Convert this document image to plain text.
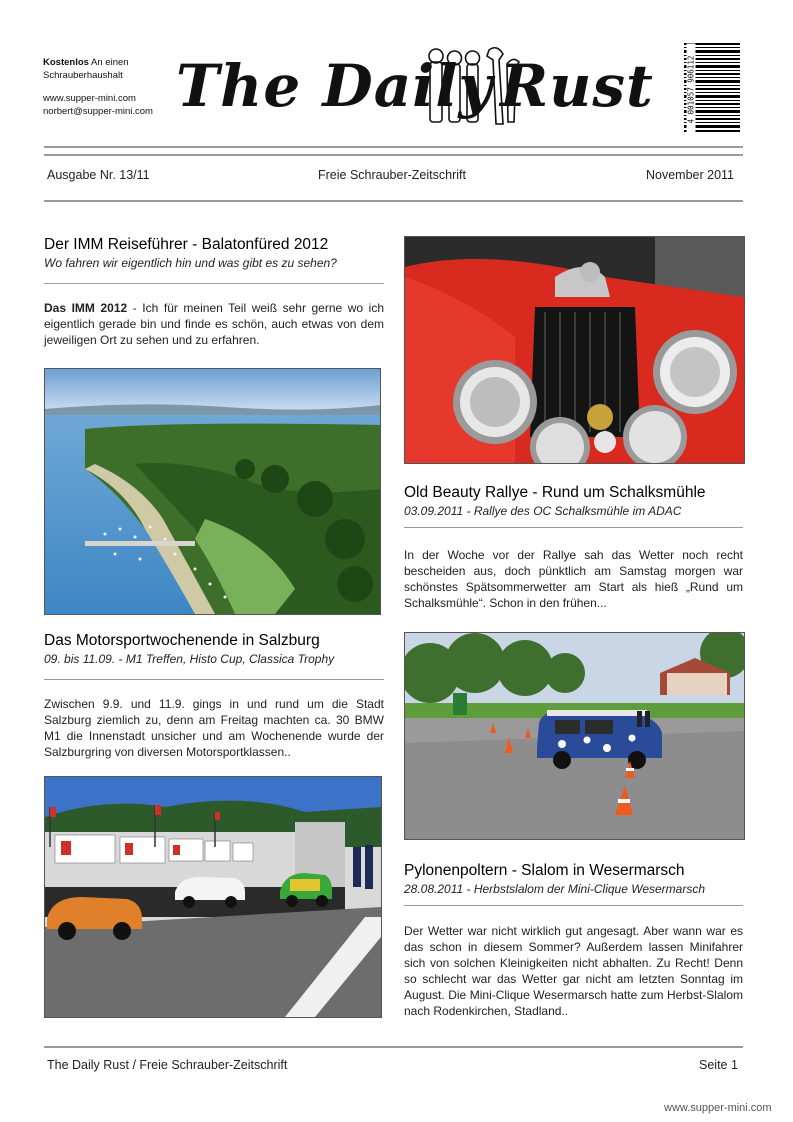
Kostenlos An einen
Schrauberhaushalt
www.supper-mini.com
norbert@supper-mini.com The Daily Rust	4 001057 906112
Ausgabe Nr. 13/11	Freie Schrauber-Zeitschrift	November 2011
Der IMM Reiseführer - Balatonfüred 2012
Wo fahren wir eigentlich hin und was gibt es zu sehen?
Das IMM 2012 - Ich für meinen Teil weiß sehr gerne wo ich eigentlich gerade bin und finde es schön, auch etwas von dem jeweiligen Ort zu sehen und zu erfahren.
Das Motorsportwochenende in Salzburg
09. bis 11.09. - M1 Treffen, Histo Cup, Classica Trophy
Zwischen 9.9. und 11.9. gings in und rund um die Stadt Salzburg ziemlich zu, denn am Freitag machten ca. 30 BMW M1 die Innenstadt unsicher und am Wochenende wurde der Salzburgring von diversen Motorsportklassen..
Old Beauty Rallye - Rund um Schalksmühle
03.09.2011 - Rallye des OC Schalksmühle im ADAC
In der Woche vor der Rallye sah das Wetter noch recht bescheiden aus, doch pünktlich am Samstag morgen war schönstes Spätsommerwetter am Start als hieß „Rund um Schalksmühle“. Schon in den frühen...
Pylonenpoltern - Slalom in Wesermarsch
28.08.2011 - Herbstslalom der Mini-Clique Wesermarsch
Der Wetter war nicht wirklich gut angesagt. Aber wann war es das schon in diesem Sommer? Außerdem lassen Minifahrer sich von solchen Kleinigkeiten nicht abhalten. Zu Recht! Denn so schlecht war das Wetter gar nicht am letzten Sonntag im August. Die Mini-Clique Wesermarsch hatte zum Herbst-Slalom nach Rodenkirchen, Stadland..
The Daily Rust / Freie Schrauber-Zeitschrift	Seite 1
www.supper-mini.com
